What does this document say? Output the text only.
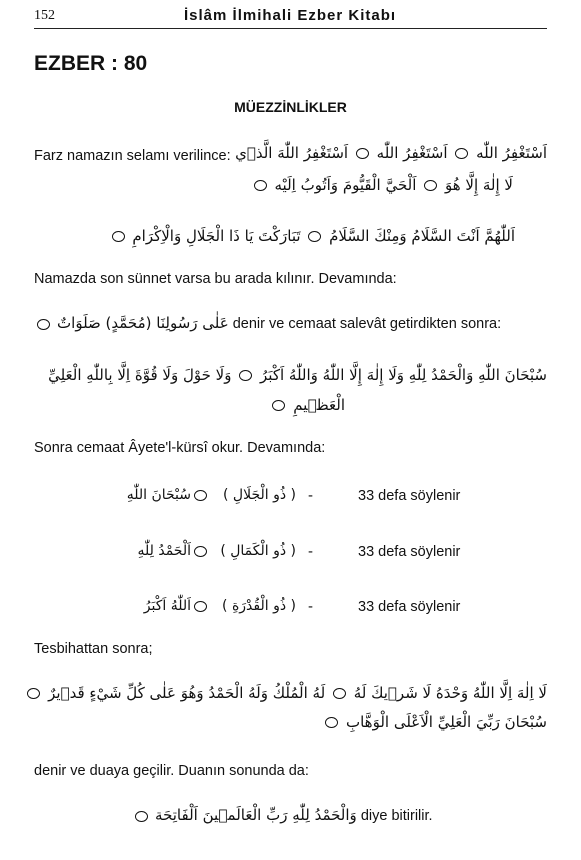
152	İslâm İlmihali Ezber Kitabı
EZBER : 80
MÜEZZİNLİKLER
Farz namazın selamı verilince:	اَسْتَغْفِرُ اللّٰه  اَسْتَغْفِرُ اللّٰه  اَسْتَغْفِرُ اللّٰهَ الَّذ۪ي
لَا إِلٰهَ إِلَّا هُوَ  اَلْحَيَّ الْقَيُّومَ وَاَتُوبُ اِلَيْه
اَللّٰهُمَّ اَنْتَ السَّلَامُ وَمِنْكَ السَّلَامُ  تَبَارَكْتَ يَا ذَا الْجَلَالِ وَالْاِكْرَامِ
Namazda son sünnet varsa bu arada kılınır. Devamında:
عَلٰى رَسُولِنَا (مُحَمَّدٍ) صَلَوَاتٌ denir ve cemaat salevât getirdikten sonra:
سُبْحَانَ اللّٰهِ وَالْحَمْدُ لِلّٰهِ وَلَا إِلٰهَ إِلَّا اللّٰهُ وَاللّٰهُ اَكْبَرُ  وَلَا حَوْلَ وَلَا قُوَّةَ اِلَّا بِاللّٰهِ الْعَلِيِّ
الْعَظ۪يمِ
Sonra cemaat Âyete'l-kürsî okur. Devamında:
سُبْحَانَ اللّٰهِ	( ذُو الْجَلَالِ ) -	33 defa söylenir
اَلْحَمْدُ لِلّٰهِ	( ذُو الْكَمَالِ ) -	33 defa söylenir
اَللّٰهُ اَكْبَرُ	( ذُو الْقُدْرَةِ ) -	33 defa söylenir
Tesbihattan sonra;
لَا اِلٰهَ اِلَّا اللّٰهُ وَحْدَهُ لَا شَر۪يكَ لَهُ  لَهُ الْمُلْكُ وَلَهُ الْحَمْدُ وَهُوَ عَلٰى كُلِّ شَيْءٍ قَد۪يرٌ
سُبْحَانَ رَبِّيَ الْعَلِيِّ الْاَعْلَى الْوَهَّابِ
denir ve duaya geçilir. Duanın sonunda da:
وَالْحَمْدُ لِلّٰهِ رَبِّ الْعَالَم۪ينَ اَلْفَاتِحَة diye bitirilir.
